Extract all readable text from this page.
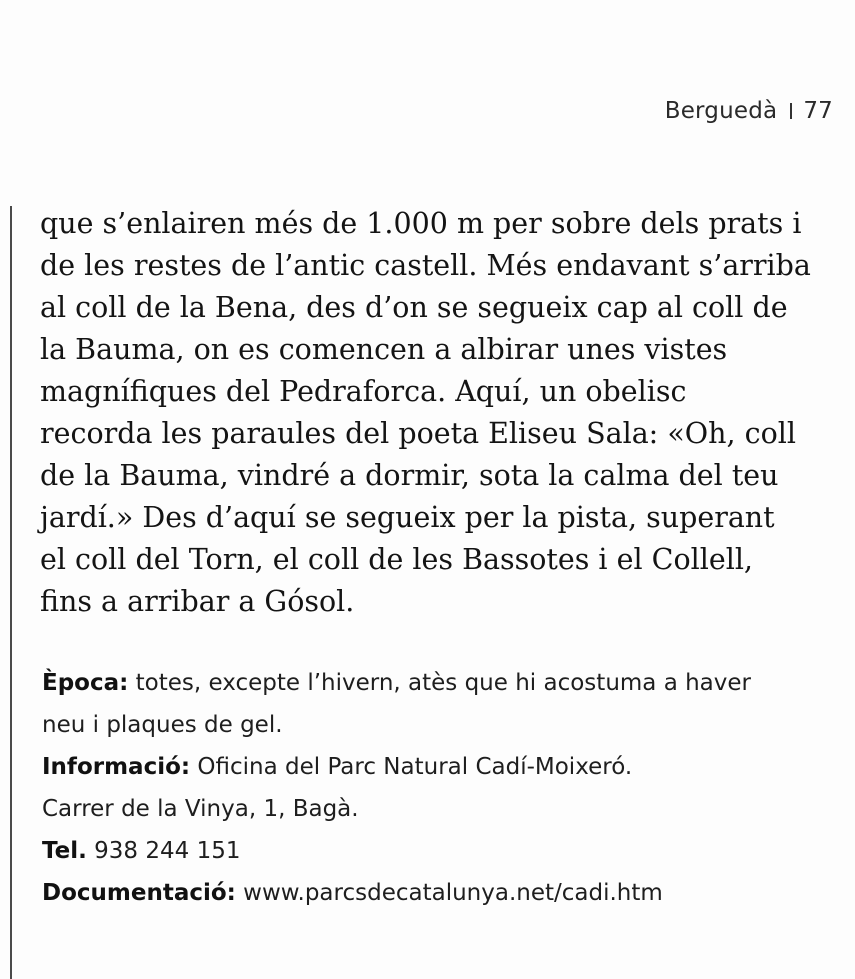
Berguedà 77
que s’enlairen més de 1.000 m per sobre dels prats i
de les restes de l’antic castell. Més endavant s’arriba
al coll de la Bena, des d’on se segueix cap al coll de
la Bauma, on es comencen a albirar unes vistes
magnífiques del Pedraforca. Aquí, un obelisc
recorda les paraules del poeta Eliseu Sala: «Oh, coll
de la Bauma, vindré a dormir, sota la calma del teu
jardí.» Des d’aquí se segueix per la pista, superant
el coll del Torn, el coll de les Bassotes i el Collell,
fins a arribar a Gósol.
Època: totes, excepte l’hivern, atès que hi acostuma a haver
neu i plaques de gel.
Informació: Oficina del Parc Natural Cadí-Moixeró.
Carrer de la Vinya, 1, Bagà.
Tel. 938 244 151
Documentació: www.parcsdecatalunya.net/cadi.htm
